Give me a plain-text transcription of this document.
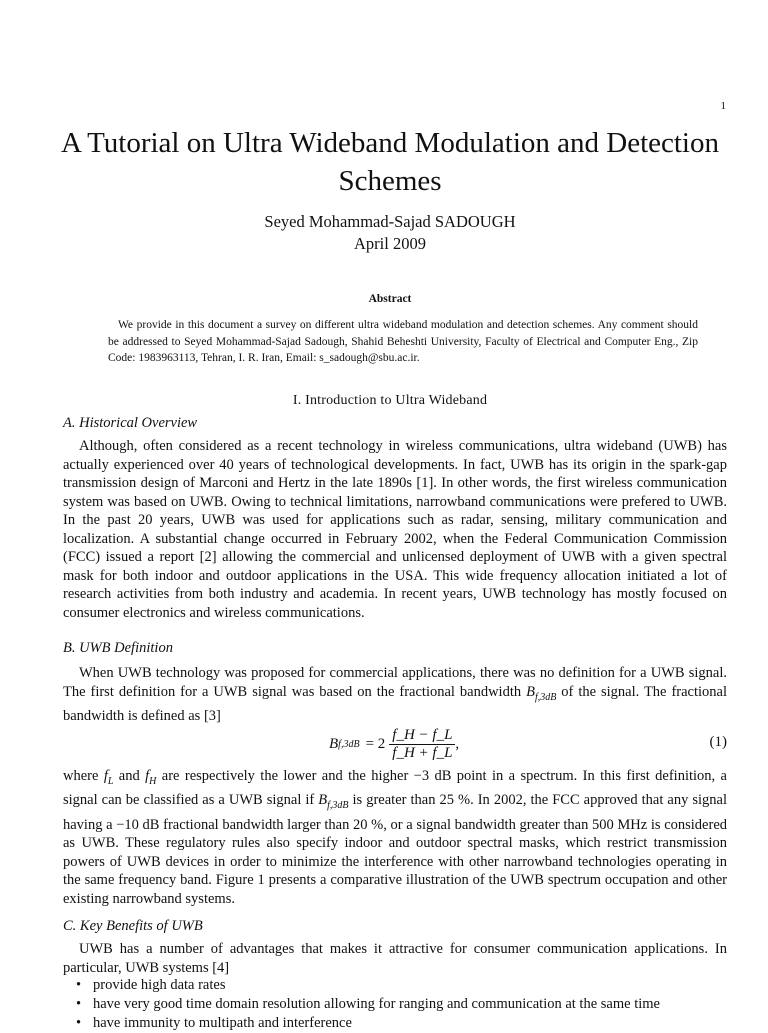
1
A Tutorial on Ultra Wideband Modulation and Detection Schemes
Seyed Mohammad-Sajad SADOUGH
April 2009
Abstract
We provide in this document a survey on different ultra wideband modulation and detection schemes. Any comment should be addressed to Seyed Mohammad-Sajad Sadough, Shahid Beheshti University, Faculty of Electrical and Computer Eng., Zip Code: 1983963113, Tehran, I. R. Iran, Email: s_sadough@sbu.ac.ir.
I. Introduction to Ultra Wideband
A. Historical Overview
Although, often considered as a recent technology in wireless communications, ultra wideband (UWB) has actually experienced over 40 years of technological developments. In fact, UWB has its origin in the spark-gap transmission design of Marconi and Hertz in the late 1890s [1]. In other words, the first wireless communication system was based on UWB. Owing to technical limitations, narrowband communications were prefered to UWB. In the past 20 years, UWB was used for applications such as radar, sensing, military communication and localization. A substantial change occurred in February 2002, when the Federal Communication Commission (FCC) issued a report [2] allowing the commercial and unlicensed deployment of UWB with a given spectral mask for both indoor and outdoor applications in the USA. This wide frequency allocation initiated a lot of research activities from both industry and academia. In recent years, UWB technology has mostly focused on consumer electronics and wireless communications.
B. UWB Definition
When UWB technology was proposed for commercial applications, there was no definition for a UWB signal. The first definition for a UWB signal was based on the fractional bandwidth $B_{f,3dB}$ of the signal. The fractional bandwidth is defined as [3]
B $f,3dB = 2 \frac{f\_H - f\_L}{f\_H + f\_L}$ ,	(1)
where $f_L$ and $f_H$ are respectively the lower and the higher −3 dB point in a spectrum. In this first definition, a signal can be classified as a UWB signal if $B_{f,3dB}$ is greater than 25 %. In 2002, the FCC approved that any signal having a −10 dB fractional bandwidth larger than 20 %, or a signal bandwidth greater than 500 MHz is considered as UWB. These regulatory rules also specify indoor and outdoor spectral masks, which restrict transmission powers of UWB devices in order to minimize the interference with other narrowband technologies operating in the same frequency band. Figure 1 presents a comparative illustration of the UWB spectrum occupation and other existing narrowband systems.
C. Key Benefits of UWB
UWB has a number of advantages that makes it attractive for consumer communication applications. In particular, UWB systems [4]
• provide high data rates
• have very good time domain resolution allowing for ranging and communication at the same time
• have immunity to multipath and interference
